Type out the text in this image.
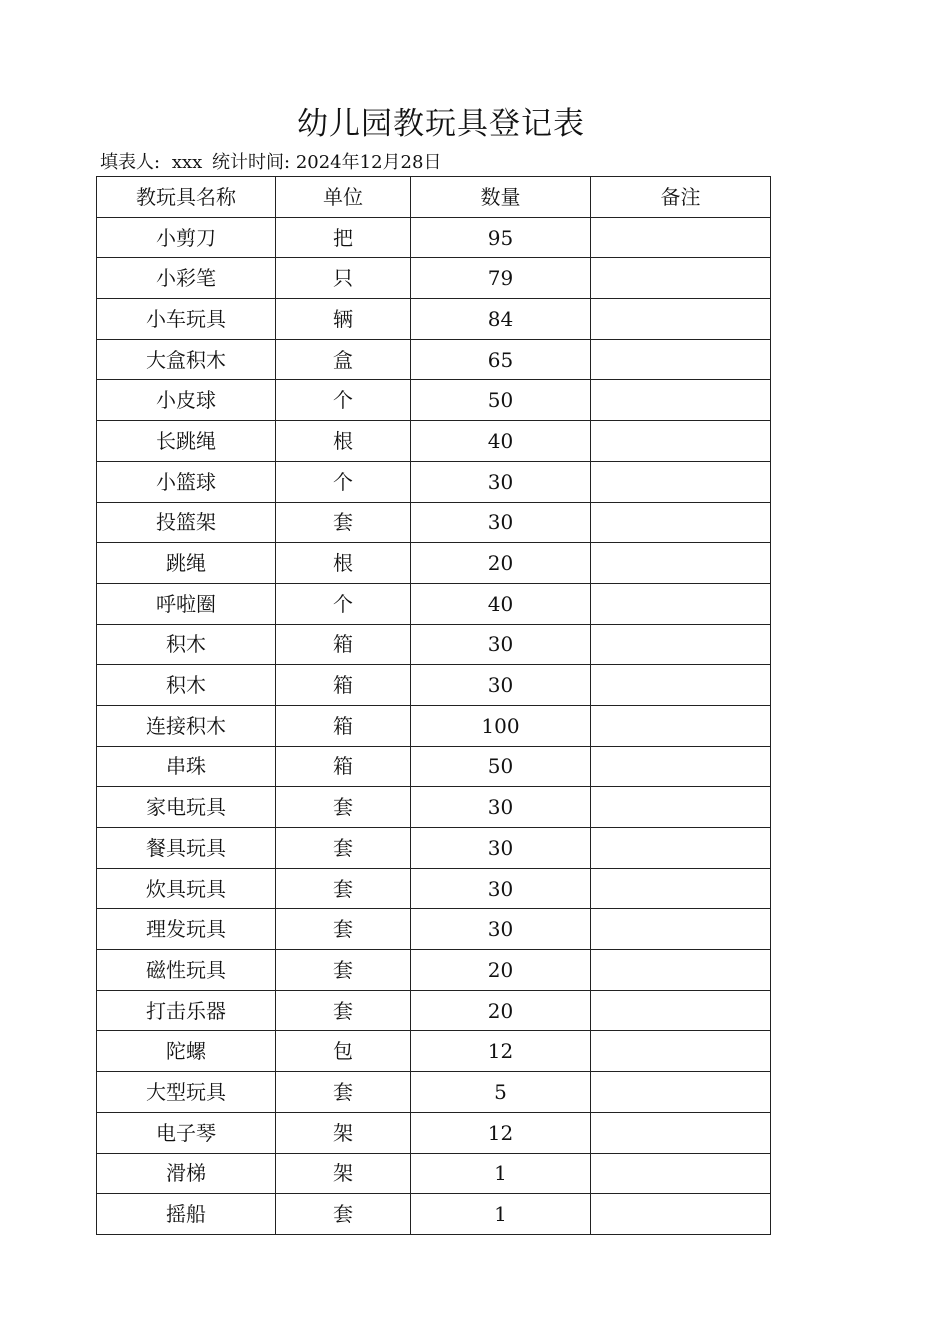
幼儿园教玩具登记表
填表人: xxx 统计时间: 2024年12月28日
教玩具名称	单位	数量	备注
小剪刀	把	95	
小彩笔	只	79	
小车玩具	辆	84	
大盒积木	盒	65	
小皮球	个	50	
长跳绳	根	40	
小篮球	个	30	
投篮架	套	30	
跳绳	根	20	
呼啦圈	个	40	
积木	箱	30	
积木	箱	30	
连接积木	箱	100	
串珠	箱	50	
家电玩具	套	30	
餐具玩具	套	30	
炊具玩具	套	30	
理发玩具	套	30	
磁性玩具	套	20	
打击乐器	套	20	
陀螺	包	12	
大型玩具	套	5	
电子琴	架	12	
滑梯	架	1	
摇船	套	1	
